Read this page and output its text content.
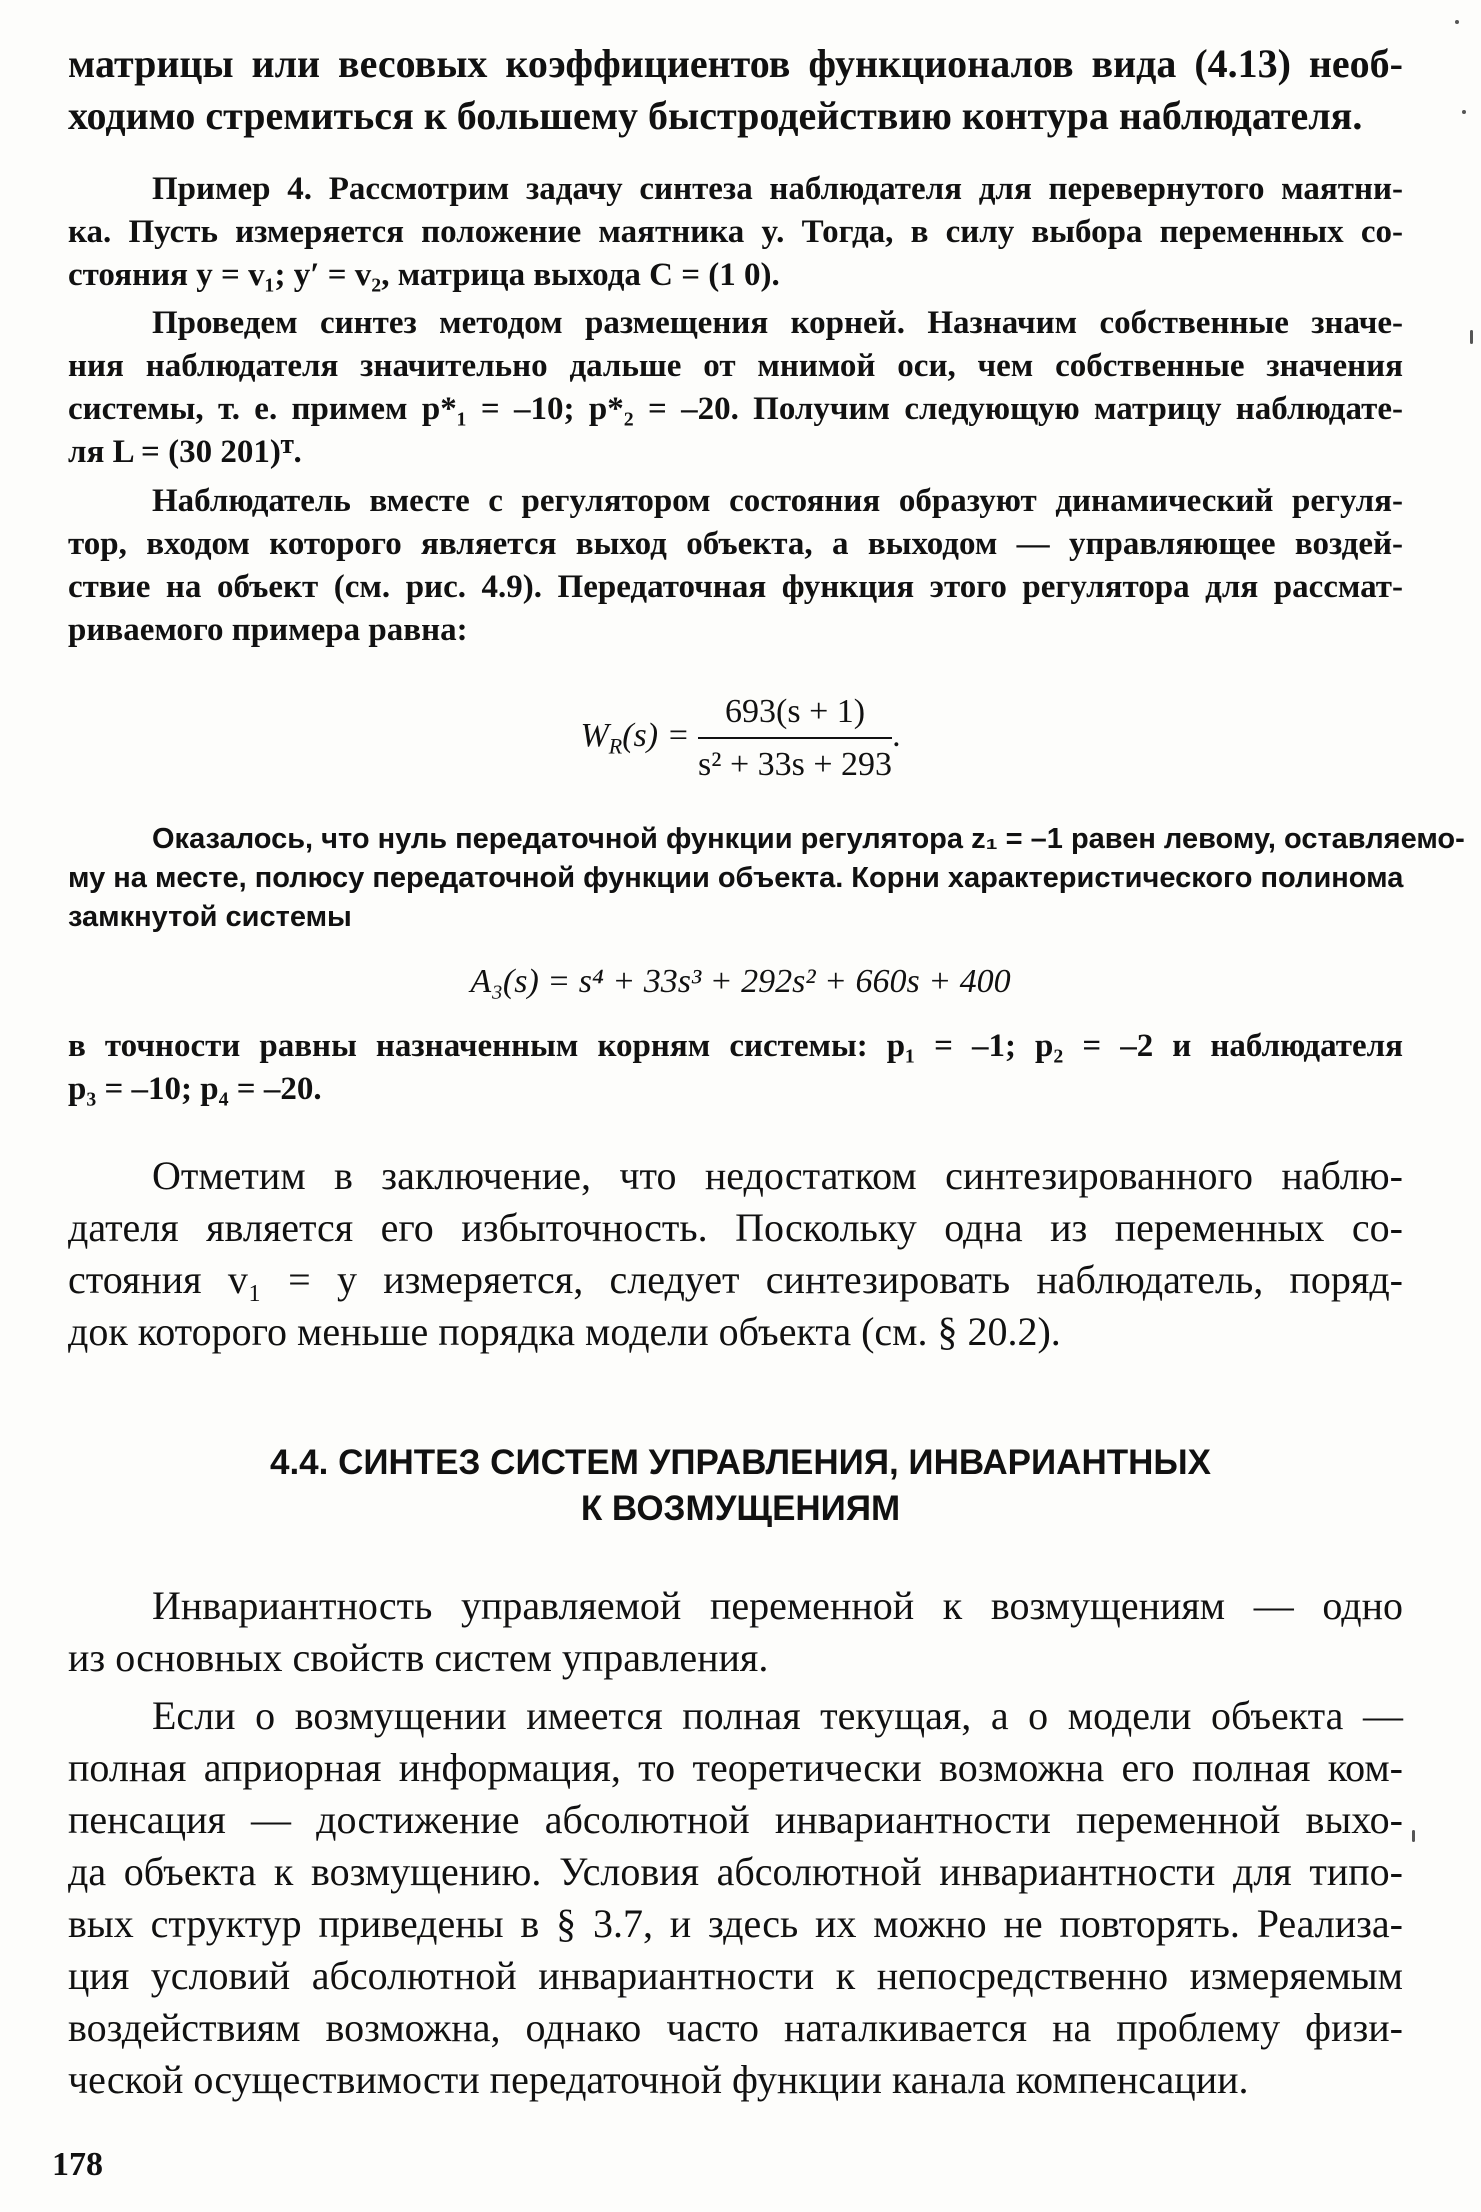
матрицы или весовых коэффициентов функционалов вида (4.13) необ-
ходимо стремиться к большему быстродействию контура наблюдателя.
Пример 4. Рассмотрим задачу синтеза наблюдателя для перевернутого маятни-
ка. Пусть измеряется положение маятника y. Тогда, в силу выбора переменных со-
стояния y = v₁; y′ = v₂, матрица выхода C = (1 0).
Проведем синтез методом размещения корней. Назначим собственные значе-
ния наблюдателя значительно дальше от мнимой оси, чем собственные значения
системы, т. е. примем p*₁ = –10; p*₂ = –20. Получим следующую матрицу наблюдате-
ля L = (30 201)ᵀ.
Наблюдатель вместе с регулятором состояния образуют динамический регуля-
тор, входом которого является выход объекта, а выходом — управляющее воздей-
ствие на объект (см. рис. 4.9). Передаточная функция этого регулятора для рассмат-
риваемого примера равна:
$W_R(s) = \frac{693(s + 1)}{\text{s² + 33s + 293}}$ .
Оказалось, что нуль передаточной функции регулятора z₁ = –1 равен левому, оставляемо-
му на месте, полюсу передаточной функции объекта. Корни характеристического полинома
замкнутой системы
A₃(s) = s⁴ + 33s³ + 292s² + 660s + 400
в точности равны назначенным корням системы: p₁ = –1; p₂ = –2 и наблюдателя
p₃ = –10; p₄ = –20.
Отметим в заключение, что недостатком синтезированного наблю-
дателя является его избыточность. Поскольку одна из переменных со-
стояния v₁ = y измеряется, следует синтезировать наблюдатель, поряд-
док которого меньше порядка модели объекта (см. § 20.2).
4.4. СИНТЕЗ СИСТЕМ УПРАВЛЕНИЯ, ИНВАРИАНТНЫХ
К ВОЗМУЩЕНИЯМ
Инвариантность управляемой переменной к возмущениям — одно
из основных свойств систем управления.
Если о возмущении имеется полная текущая, а о модели объекта —
полная априорная информация, то теоретически возможна его полная ком-
пенсация — достижение абсолютной инвариантности переменной выхо-
да объекта к возмущению. Условия абсолютной инвариантности для типо-
вых структур приведены в § 3.7, и здесь их можно не повторять. Реализа-
ция условий абсолютной инвариантности к непосредственно измеряемым
воздействиям возможна, однако часто наталкивается на проблему физи-
ческой осуществимости передаточной функции канала компенсации.
178
